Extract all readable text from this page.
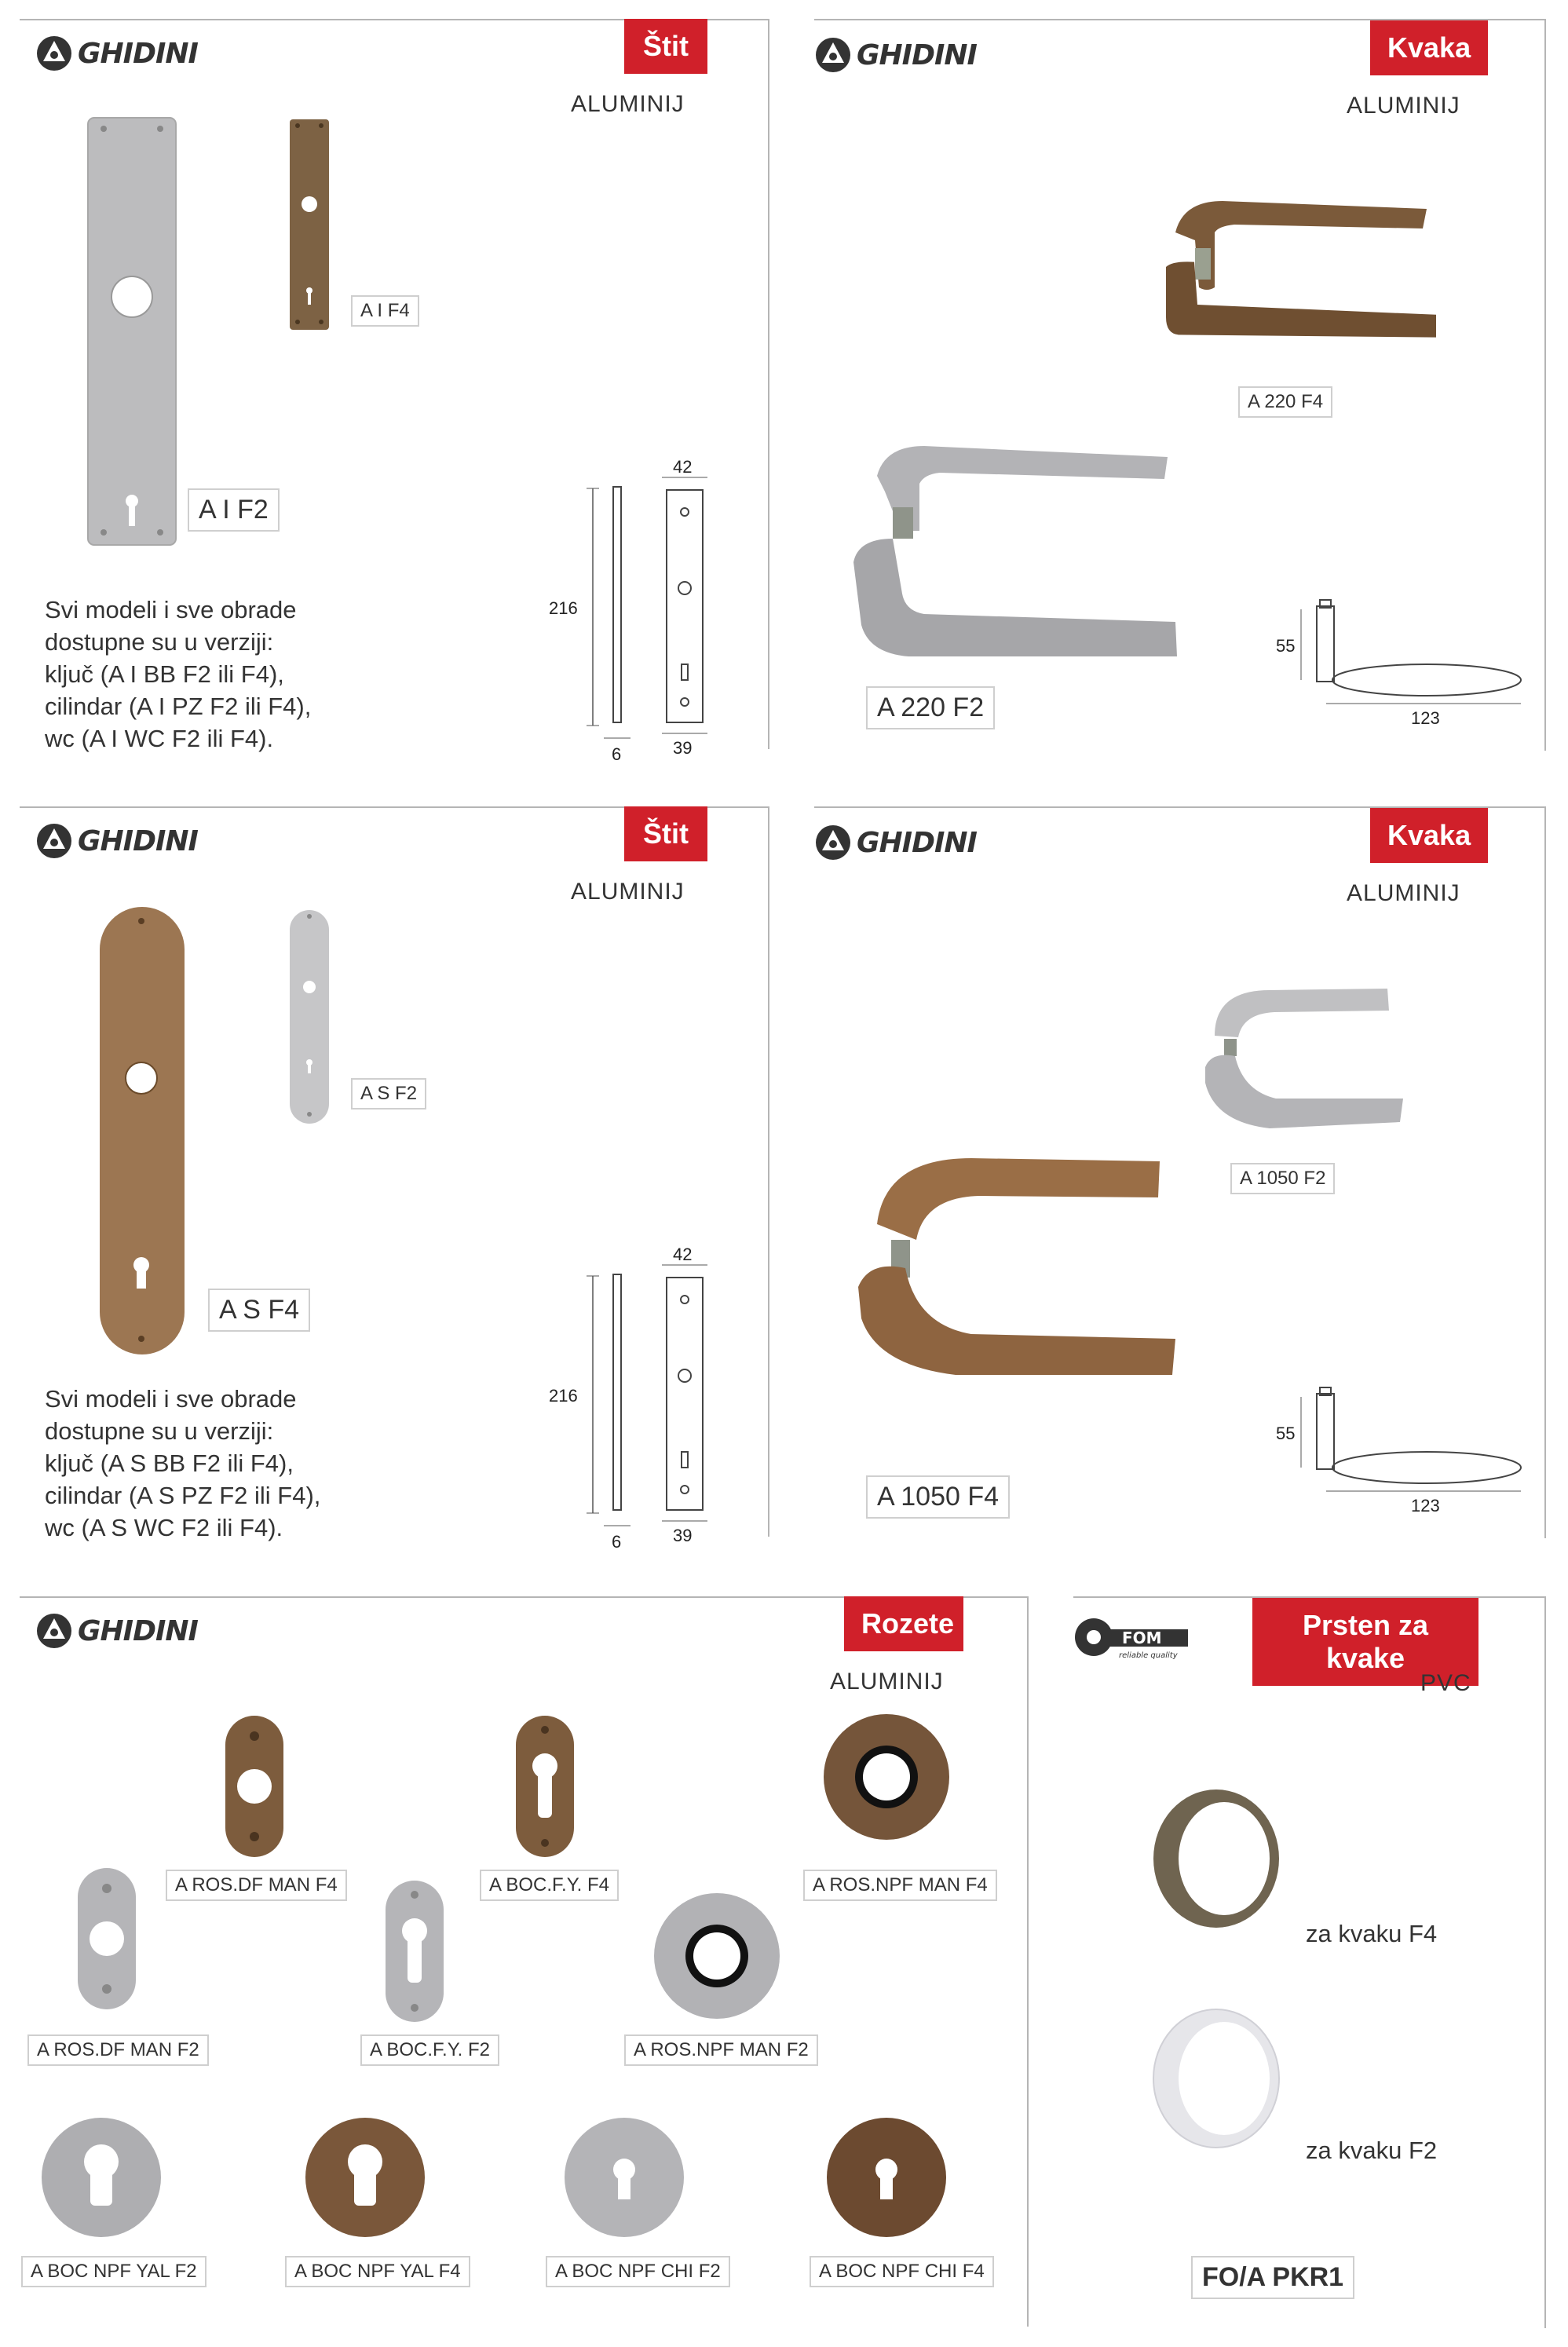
GHIDINI	Štit
ALUMINIJ
A I F2
A I F4
Svi modeli i sve obrade
dostupne su u verziji:
ključ (A I BB F2 ili F4),
cilindar (A I PZ F2 ili F4),
wc (A I WC F2 ili F4).
216
6
42
39
GHIDINI	Kvaka
ALUMINIJ
A 220 F4
A 220 F2
55
123
GHIDINI	Štit
ALUMINIJ
A S F4
A S F2
Svi modeli i sve obrade
dostupne su u verziji:
ključ (A S BB F2 ili F4),
cilindar (A S PZ F2 ili F4),
wc (A S WC F2 ili F4).
216
6
42
39
GHIDINI	Kvaka
ALUMINIJ
A 1050 F2
A 1050 F4
55
123
GHIDINI	Rozete
ALUMINIJ
A ROS.DF MAN F4	A BOC.F.Y. F4	A ROS.NPF MAN F4
A ROS.DF MAN F2	A BOC.F.Y. F2	A ROS.NPF MAN F2
A BOC NPF YAL F2	A BOC NPF YAL F4	A BOC NPF CHI F2	A BOC NPF CHI F4
FOM
reliable quality
Prsten za kvake
PVC
za kvaku F4
za kvaku F2
FO/A PKR1
